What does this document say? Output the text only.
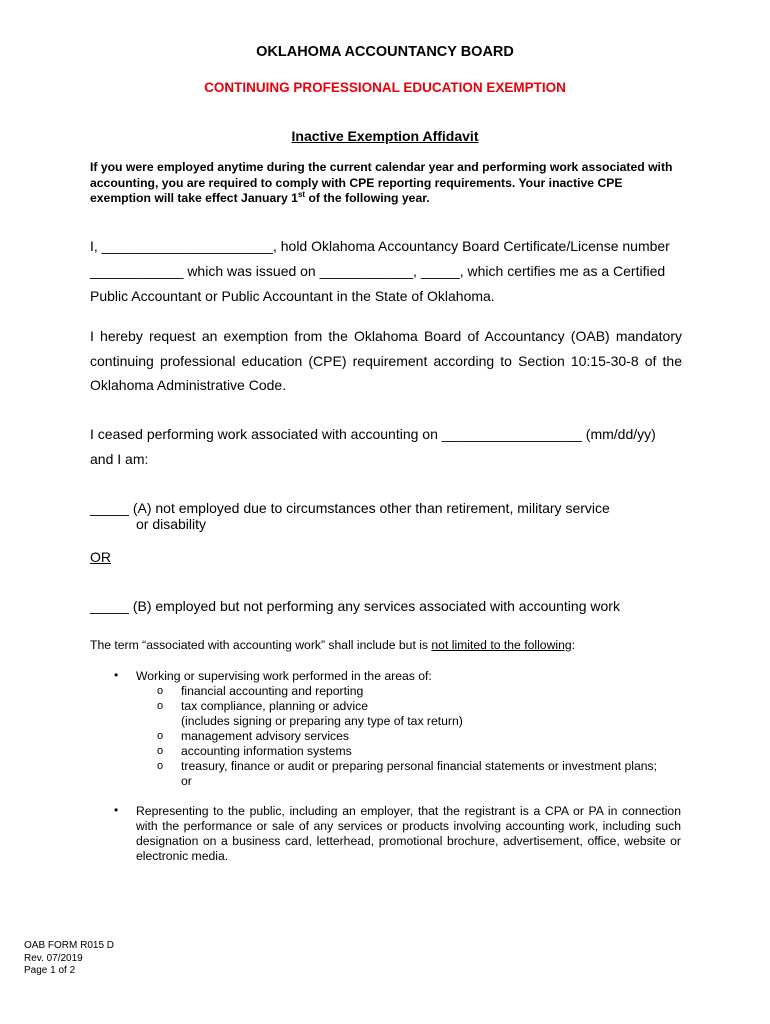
OKLAHOMA ACCOUNTANCY BOARD
CONTINUING PROFESSIONAL EDUCATION EXEMPTION
Inactive Exemption Affidavit
If you were employed anytime during the current calendar year and performing work associated with accounting, you are required to comply with CPE reporting requirements. Your inactive CPE exemption will take effect January 1st of the following year.
I, ______________________, hold Oklahoma Accountancy Board Certificate/License number
____________ which was issued on ____________, _____, which certifies me as a Certified
Public Accountant or Public Accountant in the State of Oklahoma.
I hereby request an exemption from the Oklahoma Board of Accountancy (OAB) mandatory continuing professional education (CPE) requirement according to Section 10:15-30-8 of the Oklahoma Administrative Code.
I ceased performing work associated with accounting on __________________ (mm/dd/yy)
and I am:
_____ (A) not employed due to circumstances other than retirement, military service
or disability
OR
_____ (B) employed but not performing any services associated with accounting work
The term “associated with accounting work” shall include but is not limited to the following:
• Working or supervising work performed in the areas of:
o financial accounting and reporting
o tax compliance, planning or advice
(includes signing or preparing any type of tax return)
o management advisory services
o accounting information systems
o treasury, finance or audit or preparing personal financial statements or investment plans;
or
• Representing to the public, including an employer, that the registrant is a CPA or PA in connection with the performance or sale of any services or products involving accounting work, including such designation on a business card, letterhead, promotional brochure, advertisement, office, website or electronic media.
OAB FORM R015 D
Rev. 07/2019
Page 1 of 2
